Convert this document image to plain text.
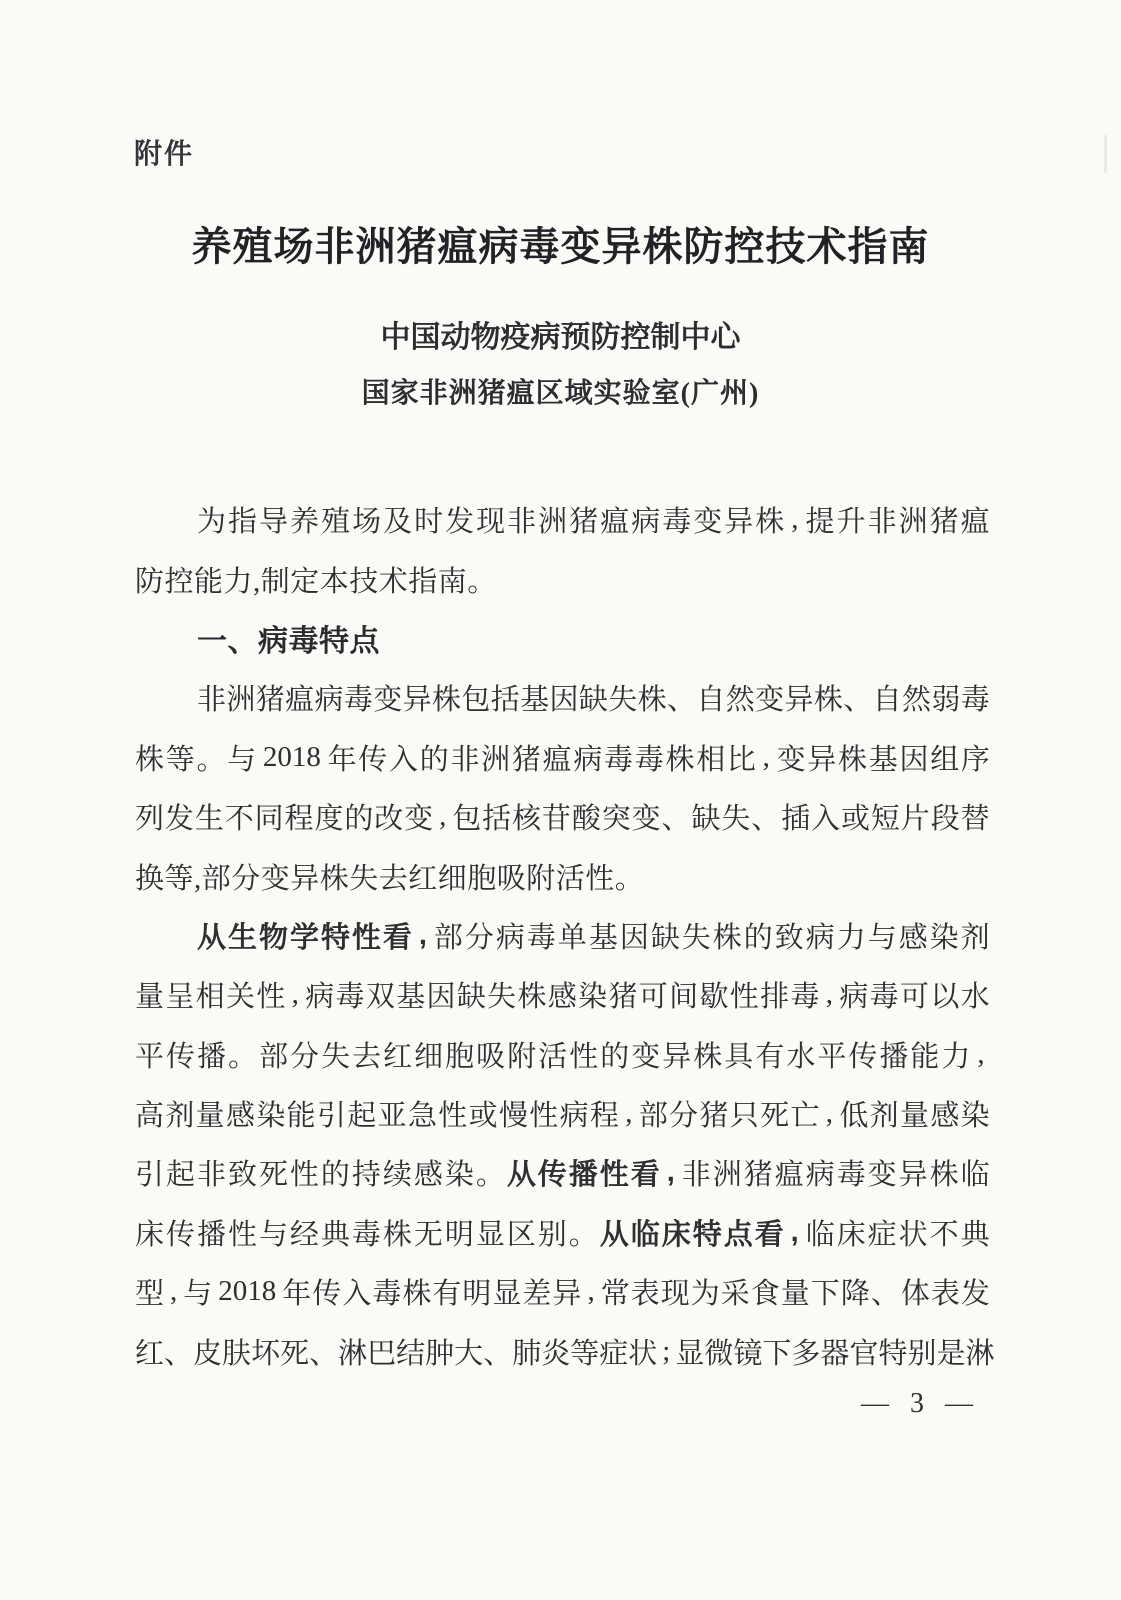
附件
养殖场非洲猪瘟病毒变异株防控技术指南
中国动物疫病预防控制中心
国家非洲猪瘟区域实验室(广州)
为 指 导 养 殖 场 及 时 发 现 非 洲 猪 瘟 病 毒 变 异 株 , 提 升 非 洲 猪 瘟
防控能力,制定本技术指南。
一、病毒特点
非 洲 猪 瘟 病 毒 变 异 株 包 括 基 因 缺 失 株 、 自 然 变 异 株 、 自 然 弱 毒
株 等 。 与 2018 年 传 入 的 非 洲 猪 瘟 病 毒 毒 株 相 比 , 变 异 株 基 因 组 序
列 发 生 不 同 程 度 的 改 变 , 包 括 核 苷 酸 突 变 、 缺 失 、 插 入 或 短 片 段 替
换等,部分变异株失去红细胞吸附活性。
从 生 物 学 特 性 看 , 部 分 病 毒 单 基 因 缺 失 株 的 致 病 力 与 感 染 剂
量 呈 相 关 性 , 病 毒 双 基 因 缺 失 株 感 染 猪 可 间 歇 性 排 毒 , 病 毒 可 以 水
平 传 播 。 部 分 失 去 红 细 胞 吸 附 活 性 的 变 异 株 具 有 水 平 传 播 能 力 ,
高 剂 量 感 染 能 引 起 亚 急 性 或 慢 性 病 程 , 部 分 猪 只 死 亡 , 低 剂 量 感 染
引 起 非 致 死 性 的 持 续 感 染 。 从 传 播 性 看 , 非 洲 猪 瘟 病 毒 变 异 株 临
床 传 播 性 与 经 典 毒 株 无 明 显 区 别 。 从 临 床 特 点 看 , 临 床 症 状 不 典
型 , 与 2018 年 传 入 毒 株 有 明 显 差 异 , 常 表 现 为 采 食 量 下 降 、 体 表 发
红 、 皮 肤 坏 死 、 淋 巴 结 肿 大 、 肺 炎 等 症 状 ; 显 微 镜 下 多 器 官 特 别 是 淋
— 3 —
